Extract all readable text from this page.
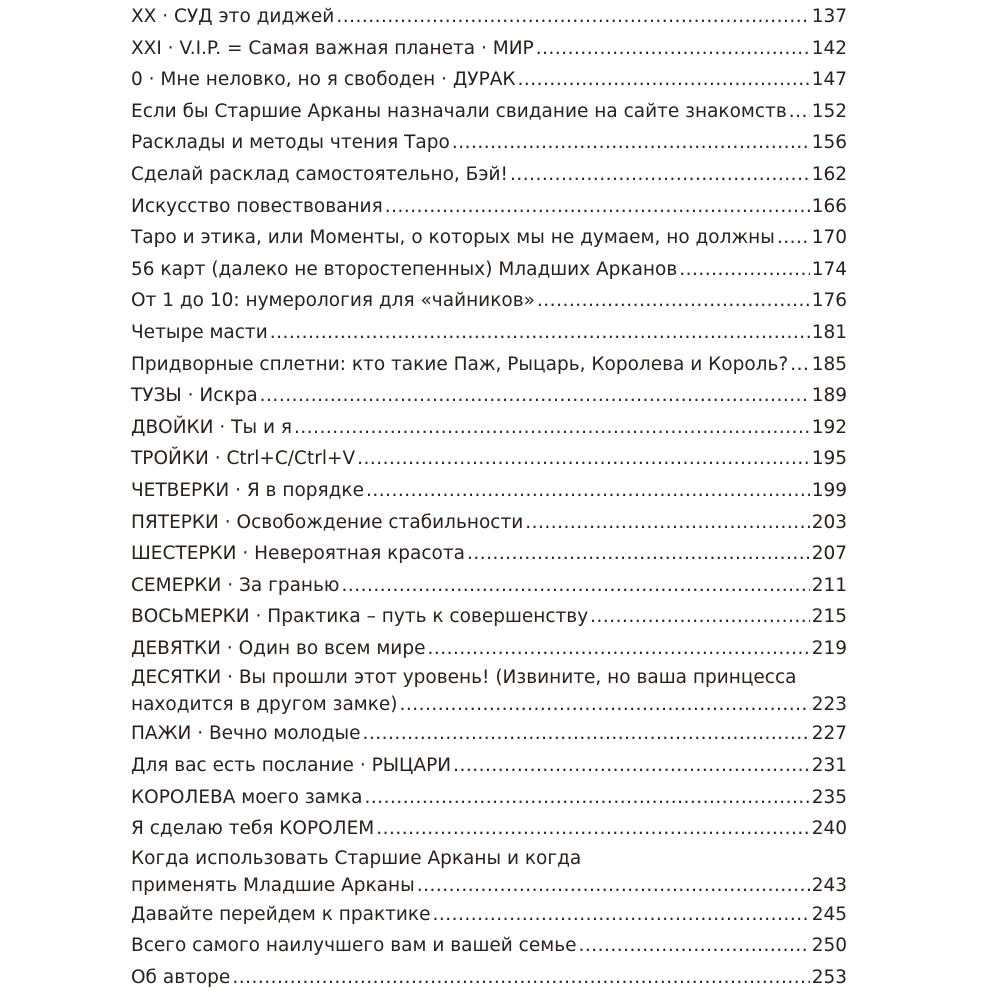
XX · СУД это диджей .....	137
XXI · V.I.P. = Самая важная планета · МИР .....	142
0 · Мне неловко, но я свободен · ДУРАК .....	147
Если бы Старшие Арканы назначали свидание на сайте знакомств ..... 152
Расклады и методы чтения Таро .....	156
Сделай расклад самостоятельно, Бэй! .....	162
Искусство повествования .....	166
Таро и этика, или Моменты, о которых мы не думаем, но должны ..... 170
56 карт (далеко не второстепенных) Младших Арканов .....	174
От 1 до 10: нумерология для «чайников» .....	176
Четыре масти .....	181
Придворные сплетни: кто такие Паж, Рыцарь, Королева и Король? ..... 185
ТУЗЫ · Искра .....	189
ДВОЙКИ · Ты и я .....	192
ТРОЙКИ · Ctrl+C/Ctrl+V .....	195
ЧЕТВЕРКИ · Я в порядке .....	199
ПЯТЕРКИ · Освобождение стабильности .....	203
ШЕСТЕРКИ · Невероятная красота .....	207
СЕМЕРКИ · За гранью .....	211
ВОСЬМЕРКИ · Практика – путь к совершенству .....	215
ДЕВЯТКИ · Один во всем мире .....	219
ДЕСЯТКИ · Вы прошли этот уровень! (Извините, но ваша принцесса
находится в другом замке) .....	223
ПАЖИ · Вечно молодые .....	227
Для вас есть послание · РЫЦАРИ .....	231
КОРОЛЕВА моего замка .....	235
Я сделаю тебя КОРОЛЕМ .....	240
Когда использовать Старшие Арканы и когда
применять Младшие Арканы .....	243
Давайте перейдем к практике .....	245
Всего самого наилучшего вам и вашей семье .....	250
Об авторе .....	253
